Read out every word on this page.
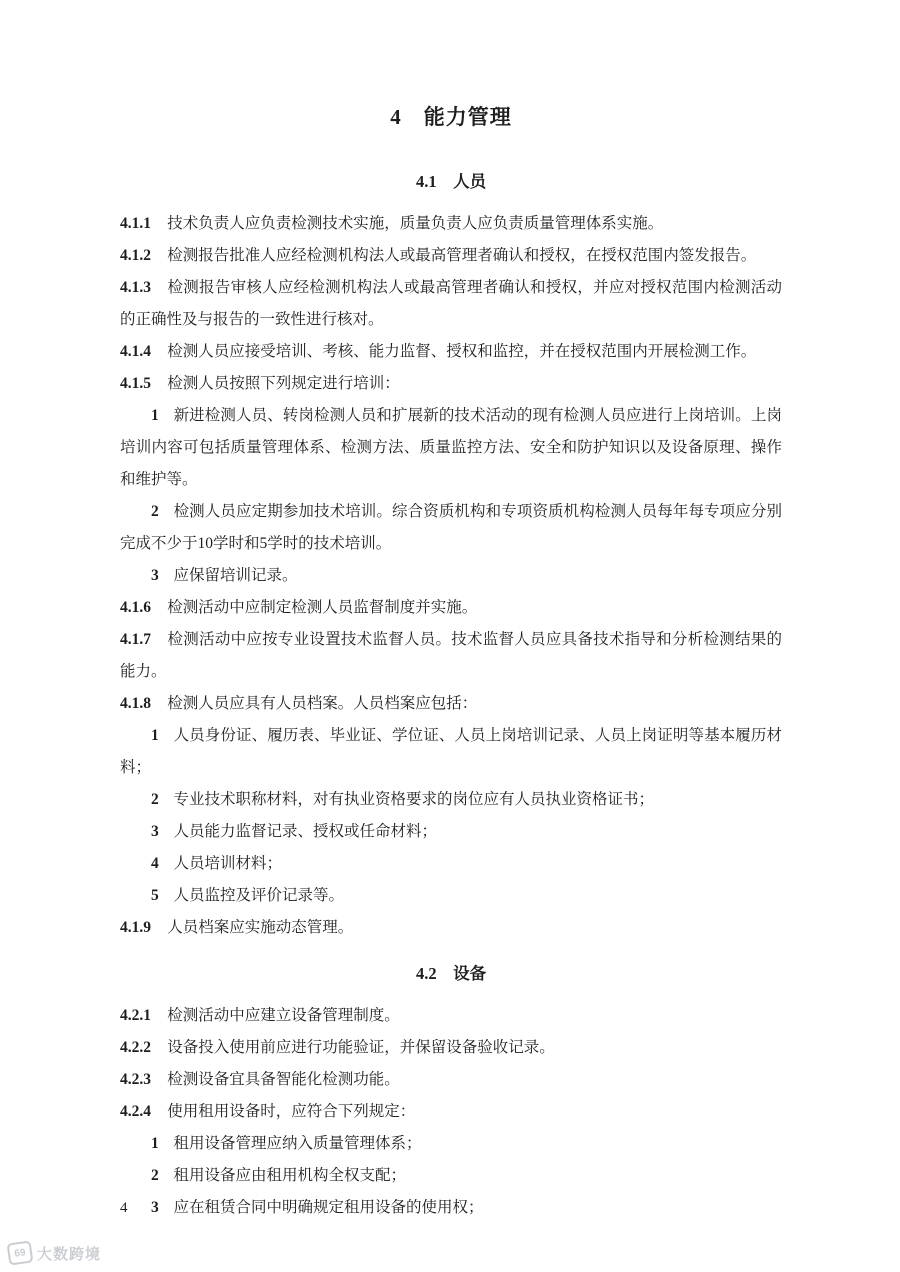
4　能力管理
4.1　人员

4.1.1 技术负责人应负责检测技术实施，质量负责人应负责质量管理体系实施。

4.1.2 检测报告批准人应经检测机构法人或最高管理者确认和授权，在授权范围内签发报告。

4.1.3 检测报告审核人应经检测机构法人或最高管理者确认和授权，并应对授权范围内检测活动的正确性及与报告的一致性进行核对。

4.1.4 检测人员应接受培训、考核、能力监督、授权和监控，并在授权范围内开展检测工作。

4.1.5 检测人员按照下列规定进行培训：

1 新进检测人员、转岗检测人员和扩展新的技术活动的现有检测人员应进行上岗培训。上岗培训内容可包括质量管理体系、检测方法、质量监控方法、安全和防护知识以及设备原理、操作和维护等。

2 检测人员应定期参加技术培训。综合资质机构和专项资质机构检测人员每年每专项应分别完成不少于10学时和5学时的技术培训。

3 应保留培训记录。

4.1.6 检测活动中应制定检测人员监督制度并实施。

4.1.7 检测活动中应按专业设置技术监督人员。技术监督人员应具备技术指导和分析检测结果的能力。

4.1.8 检测人员应具有人员档案。人员档案应包括：

1 人员身份证、履历表、毕业证、学位证、人员上岗培训记录、人员上岗证明等基本履历材料；

2 专业技术职称材料，对有执业资格要求的岗位应有人员执业资格证书；

3 人员能力监督记录、授权或任命材料；

4 人员培训材料；

5 人员监控及评价记录等。

4.1.9 人员档案应实施动态管理。

4.2　设备

4.2.1 检测活动中应建立设备管理制度。

4.2.2 设备投入使用前应进行功能验证，并保留设备验收记录。

4.2.3 检测设备宜具备智能化检测功能。

4.2.4 使用租用设备时，应符合下列规定：

1 租用设备管理应纳入质量管理体系；

2 租用设备应由租用机构全权支配；

3 应在租赁合同中明确规定租用设备的使用权；

4
69 大数跨境
